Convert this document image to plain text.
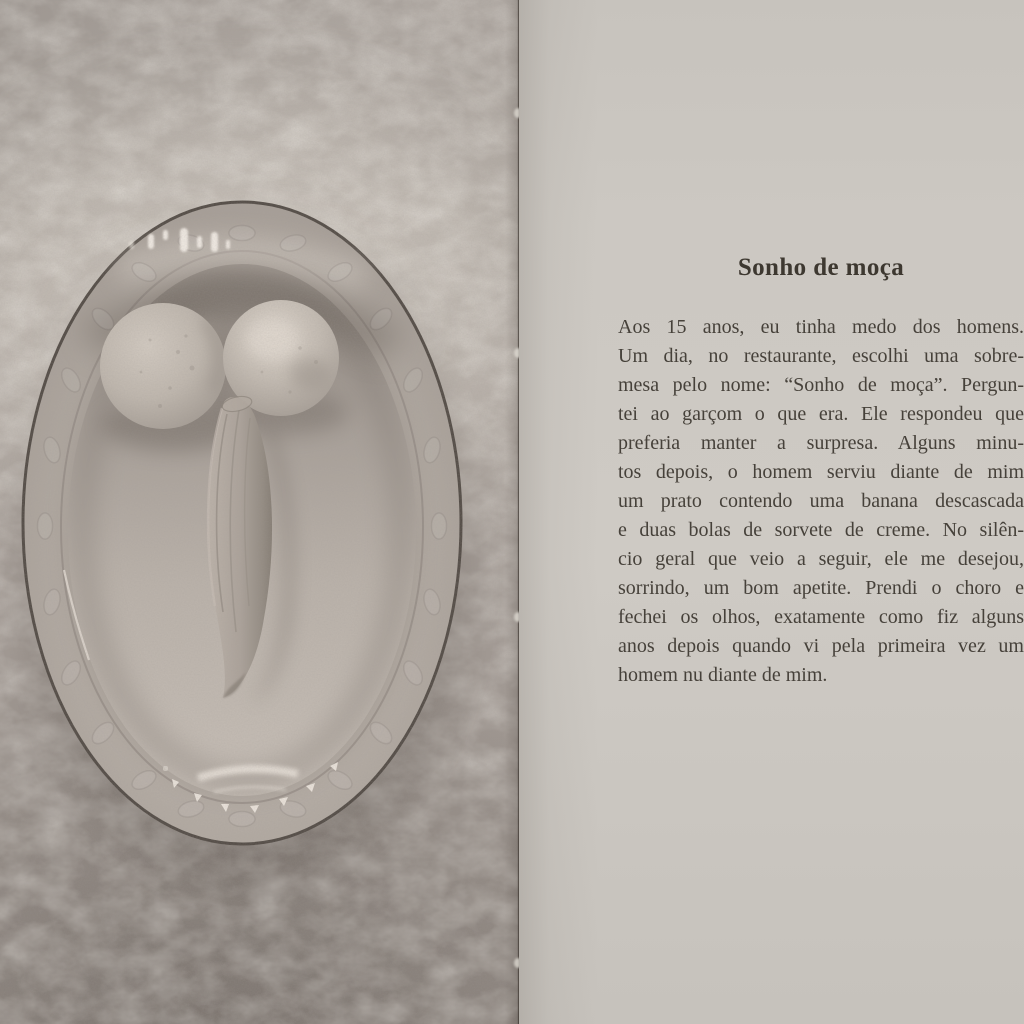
Sonho de moça
Aos 15 anos, eu tinha medo dos homens.
Um dia, no restaurante, escolhi uma sobre-
mesa pelo nome: “Sonho de moça”. Pergun-
tei ao garçom o que era. Ele respondeu que
preferia manter a surpresa. Alguns minu-
tos depois, o homem serviu diante de mim
um prato contendo uma banana descascada
e duas bolas de sorvete de creme. No silên-
cio geral que veio a seguir, ele me desejou,
sorrindo, um bom apetite. Prendi o choro e
fechei os olhos, exatamente como fiz alguns
anos depois quando vi pela primeira vez um
homem nu diante de mim.
